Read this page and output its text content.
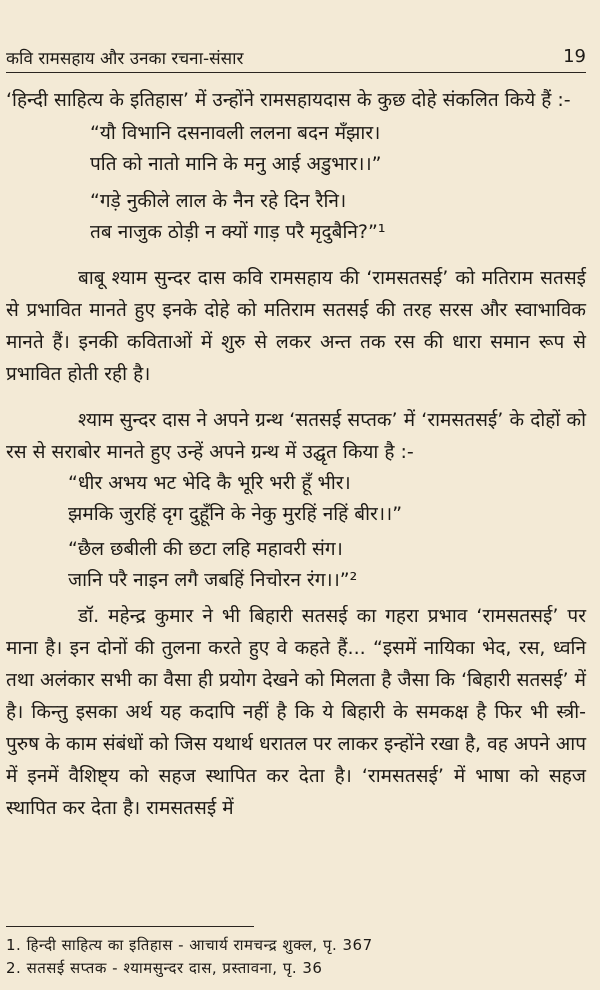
कवि रामसहाय और उनका रचना-संसार	19

‘हिन्दी साहित्य के इतिहास’ में उन्होंने रामसहायदास के कुछ दोहे संकलित किये हैं :-

“यौ विभानि दसनावली ललना बदन मँझार।
पति को नातो मानि के मनु आई अडुभार।।”
“गड़े नुकीले लाल के नैन रहे दिन रैनि।
तब नाजुक ठोड़ी न क्यों गाड़ परै मृदुबैनि?”¹

बाबू श्याम सुन्दर दास कवि रामसहाय की ‘रामसतसई’ को मतिराम सतसई से प्रभावित मानते हुए इनके दोहे को मतिराम सतसई की तरह सरस और स्वाभाविक मानते हैं। इनकी कविताओं में शुरु से लकर अन्त तक रस की धारा समान रूप से प्रभावित होती रही है।

श्याम सुन्दर दास ने अपने ग्रन्थ ‘सतसई सप्तक’ में ‘रामसतसई’ के दोहों को रस से सराबोर मानते हुए उन्हें अपने ग्रन्थ में उद्घृत किया है :-

“धीर अभय भट भेदि कै भूरि भरी हूँ भीर।
झमकि जुरहिं दृग दुहूँनि के नेकु मुरहिं नहिं बीर।।”
“छैल छबीली की छटा लहि महावरी संग।
जानि परै नाइन लगै जबहिं निचोरन रंग।।”²

डॉ. महेन्द्र कुमार ने भी बिहारी सतसई का गहरा प्रभाव ‘रामसतसई’ पर माना है। इन दोनों की तुलना करते हुए वे कहते हैं... “इसमें नायिका भेद, रस, ध्वनि तथा अलंकार सभी का वैसा ही प्रयोग देखने को मिलता है जैसा कि ‘बिहारी सतसई’ में है। किन्तु इसका अर्थ यह कदापि नहीं है कि ये बिहारी के समकक्ष है फिर भी स्त्री-पुरुष के काम संबंधों को जिस यथार्थ धरातल पर लाकर इन्होंने रखा है, वह अपने आप में इनमें वैशिष्ट्य को सहज स्थापित कर देता है। ‘रामसतसई’ में भाषा को सहज स्थापित कर देता है। रामसतसई में

1. हिन्दी साहित्य का इतिहास - आचार्य रामचन्द्र शुक्ल, पृ. 367
2. सतसई सप्तक - श्यामसुन्दर दास, प्रस्तावना, पृ. 36
